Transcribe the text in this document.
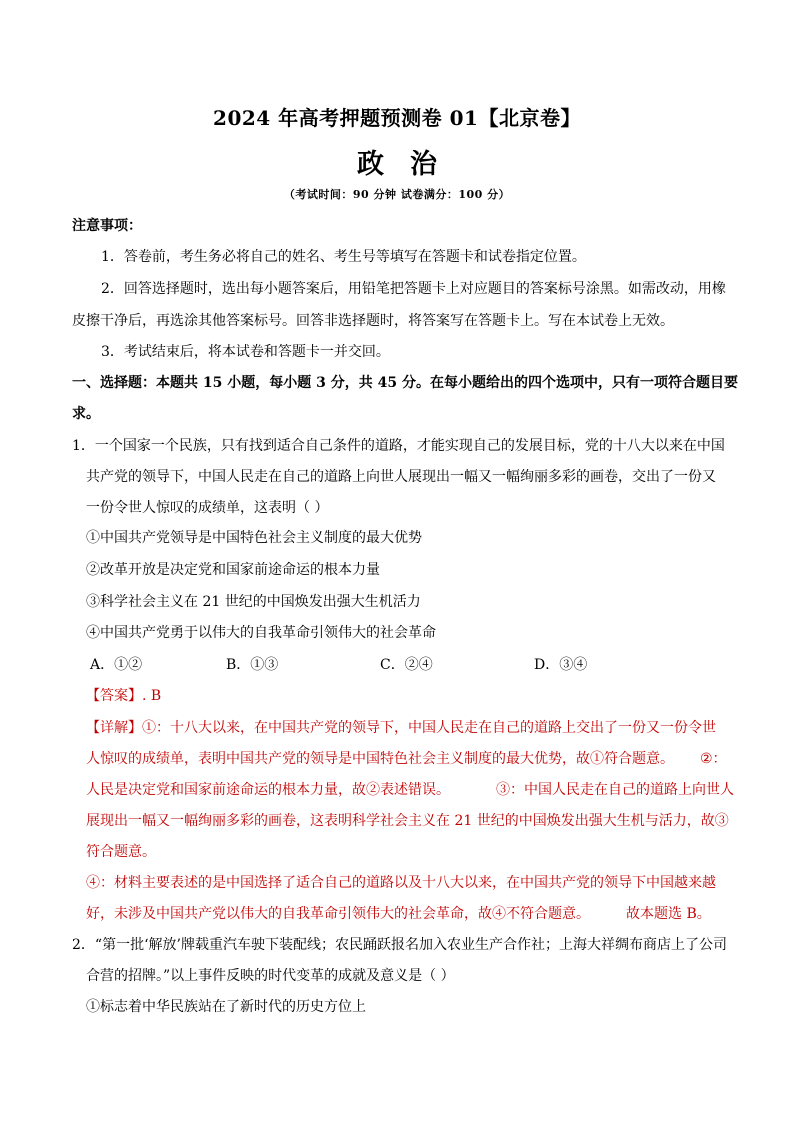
2024 年高考押题预测卷 01【北京卷】
政治
（考试时间：90 分钟 试卷满分：100 分）
注意事项：
1．答卷前，考生务必将自己的姓名、考生号等填写在答题卡和试卷指定位置。
2．回答选择题时，选出每小题答案后，用铅笔把答题卡上对应题目的答案标号涂黑。如需改动，用橡
皮擦干净后，再选涂其他答案标号。回答非选择题时，将答案写在答题卡上。写在本试卷上无效。
3．考试结束后，将本试卷和答题卡一并交回。
一、选择题：本题共 15 小题，每小题 3 分，共 45 分。在每小题给出的四个选项中，只有一项符合题目要
求。
1．一个国家一个民族，只有找到适合自己条件的道路，才能实现自己的发展目标，党的十八大以来在中国
共产党的领导下，中国人民走在自己的道路上向世人展现出一幅又一幅绚丽多彩的画卷，交出了一份又
一份令世人惊叹的成绩单，这表明（ ）
①中国共产党领导是中国特色社会主义制度的最大优势
②改革开放是决定党和国家前途命运的根本力量
③科学社会主义在 21 世纪的中国焕发出强大生机活力
④中国共产党勇于以伟大的自我革命引领伟大的社会革命
A．①②	B．①③	C．②④	D．③④
【答案】. B
【详解】①：十八大以来，在中国共产党的领导下，中国人民走在自己的道路上交出了一份又一份令世
人惊叹的成绩单，表明中国共产党的领导是中国特色社会主义制度的最大优势，故①符合题意。 ②：
人民是决定党和国家前途命运的根本力量，故②表述错误。	③：中国人民走在自己的道路上向世人
展现出一幅又一幅绚丽多彩的画卷，这表明科学社会主义在 21 世纪的中国焕发出强大生机与活力，故③
符合题意。
④：材料主要表述的是中国选择了适合自己的道路以及十八大以来，在中国共产党的领导下中国越来越
好，未涉及中国共产党以伟大的自我革命引领伟大的社会革命，故④不符合题意。	故本题选 B。
2．“第一批‘解放’牌载重汽车驶下装配线；农民踊跃报名加入农业生产合作社；上海大祥绸布商店上了公司
合营的招牌。”以上事件反映的时代变革的成就及意义是（ ）
①标志着中华民族站在了新时代的历史方位上
